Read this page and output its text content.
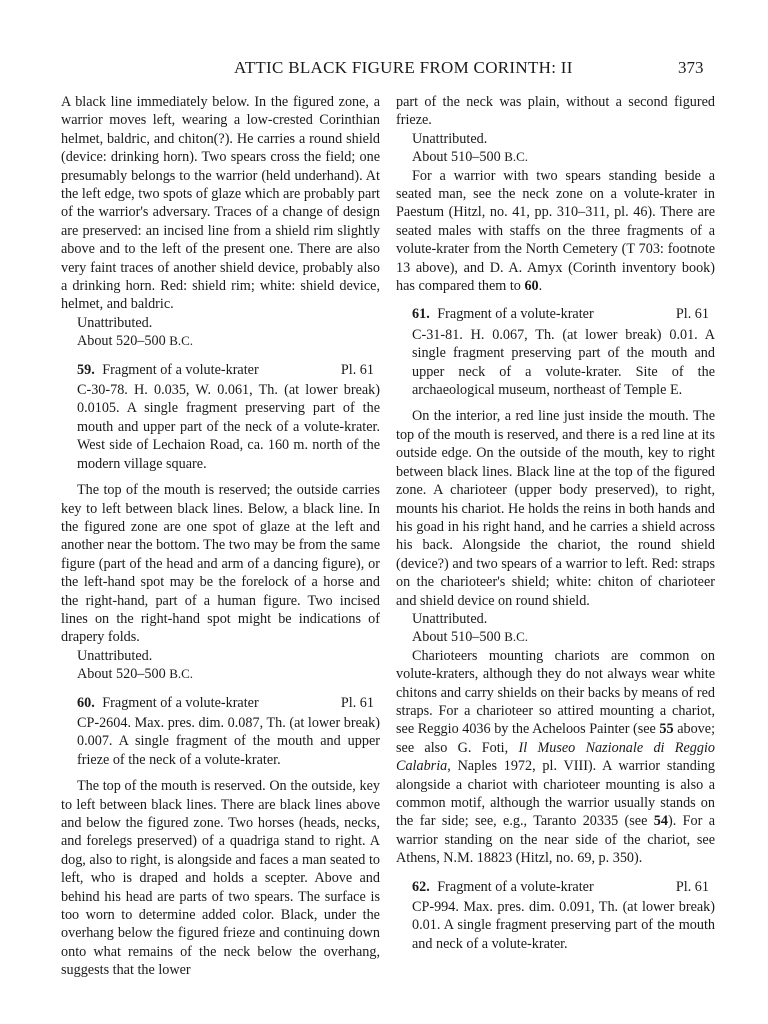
ATTIC BLACK FIGURE FROM CORINTH: II	373

A black line immediately below. In the figured zone, a warrior moves left, wearing a low-crested Corinthian helmet, baldric, and chiton(?). He carries a round shield (device: drinking horn). Two spears cross the field; one presumably belongs to the warrior (held underhand). At the left edge, two spots of glaze which are probably part of the warrior's adversary. Traces of a change of design are preserved: an incised line from a shield rim slightly above and to the left of the present one. There are also very faint traces of another shield device, probably also a drinking horn. Red: shield rim; white: shield device, helmet, and baldric.

Unattributed.

About 520–500 B.C.

59. Fragment of a volute-krater	Pl. 61

C-30-78. H. 0.035, W. 0.061, Th. (at lower break) 0.0105. A single fragment preserving part of the mouth and upper part of the neck of a volute-krater. West side of Lechaion Road, ca. 160 m. north of the modern village square.

The top of the mouth is reserved; the outside carries key to left between black lines. Below, a black line. In the figured zone are one spot of glaze at the left and another near the bottom. The two may be from the same figure (part of the head and arm of a dancing figure), or the left-hand spot may be the forelock of a horse and the right-hand, part of a human figure. Two incised lines on the right-hand spot might be indications of drapery folds.

Unattributed.

About 520–500 B.C.

60. Fragment of a volute-krater	Pl. 61

CP-2604. Max. pres. dim. 0.087, Th. (at lower break) 0.007. A single fragment of the mouth and upper frieze of the neck of a volute-krater.

The top of the mouth is reserved. On the outside, key to left between black lines. There are black lines above and below the figured zone. Two horses (heads, necks, and forelegs preserved) of a quadriga stand to right. A dog, also to right, is alongside and faces a man seated to left, who is draped and holds a scepter. Above and behind his head are parts of two spears. The surface is too worn to determine added color. Black, under the overhang below the figured frieze and continuing down onto what remains of the neck below the overhang, suggests that the lower

part of the neck was plain, without a second figured frieze.

Unattributed.

About 510–500 B.C.

For a warrior with two spears standing beside a seated man, see the neck zone on a volute-krater in Paestum (Hitzl, no. 41, pp. 310–311, pl. 46). There are seated males with staffs on the three fragments of a volute-krater from the North Cemetery (T 703: footnote 13 above), and D. A. Amyx (Corinth inventory book) has compared them to 60.

61. Fragment of a volute-krater	Pl. 61

C-31-81. H. 0.067, Th. (at lower break) 0.01. A single fragment preserving part of the mouth and upper neck of a volute-krater. Site of the archaeological museum, northeast of Temple E.

On the interior, a red line just inside the mouth. The top of the mouth is reserved, and there is a red line at its outside edge. On the outside of the mouth, key to right between black lines. Black line at the top of the figured zone. A charioteer (upper body preserved), to right, mounts his chariot. He holds the reins in both hands and his goad in his right hand, and he carries a shield across his back. Alongside the chariot, the round shield (device?) and two spears of a warrior to left. Red: straps on the charioteer's shield; white: chiton of charioteer and shield device on round shield.

Unattributed.

About 510–500 B.C.

Charioteers mounting chariots are common on volute-kraters, although they do not always wear white chitons and carry shields on their backs by means of red straps. For a charioteer so attired mounting a chariot, see Reggio 4036 by the Acheloos Painter (see 55 above; see also G. Foti, Il Museo Nazionale di Reggio Calabria, Naples 1972, pl. VIII). A warrior standing alongside a chariot with charioteer mounting is also a common motif, although the warrior usually stands on the far side; see, e.g., Taranto 20335 (see 54). For a warrior standing on the near side of the chariot, see Athens, N.M. 18823 (Hitzl, no. 69, p. 350).

62. Fragment of a volute-krater	Pl. 61

CP-994. Max. pres. dim. 0.091, Th. (at lower break) 0.01. A single fragment preserving part of the mouth and neck of a volute-krater.
